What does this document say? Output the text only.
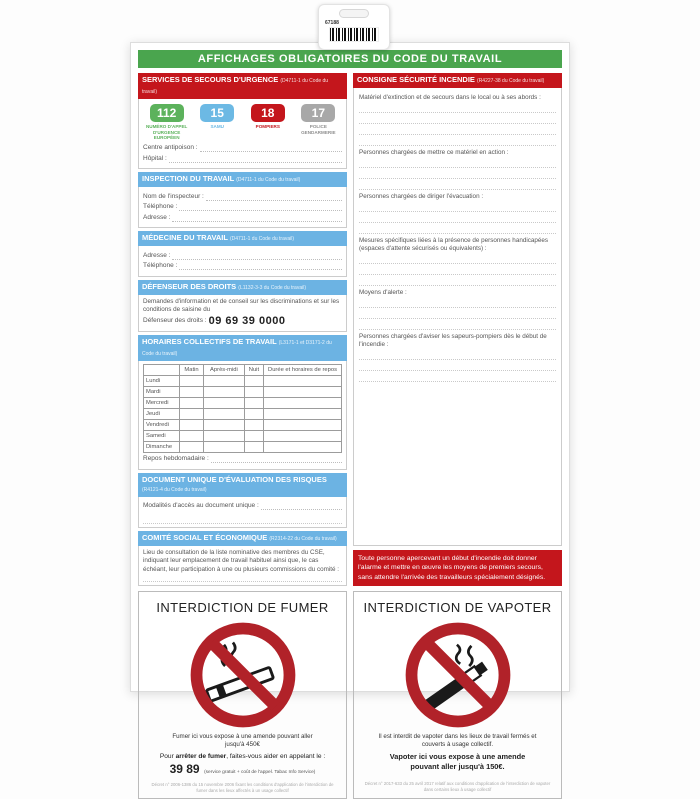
67188
AFFICHAGES OBLIGATOIRES DU CODE DU TRAVAIL
SERVICES DE SECOURS D'URGENCE (D4711-1 du Code du travail)
112
NUMÉRO D'APPEL D'URGENCE EUROPÉEN
15
SAMU
18
POMPIERS
17
POLICE GENDARMERIE
Centre antipoison :
Hôpital :
INSPECTION DU TRAVAIL (D4711-1 du Code du travail)
Nom de l'inspecteur :
Téléphone :
Adresse :
MÉDECINE DU TRAVAIL (D4711-1 du Code du travail)
Adresse :
Téléphone :
DÉFENSEUR DES DROITS (L1132-3-3 du Code du travail)
Demandes d'information et de conseil sur les discriminations et sur les conditions de saisine du
Défenseur des droits : 09 69 39 0000
HORAIRES COLLECTIFS DE TRAVAIL (L3171-1 et D3171-2 du Code du travail)
	Matin	Après-midi	Nuit	Durée et horaires de repos
Lundi				
Mardi				
Mercredi				
Jeudi				
Vendredi				
Samedi				
Dimanche				
Repos hebdomadaire :
DOCUMENT UNIQUE D'ÉVALUATION DES RISQUES (R4121-4 du Code du travail)
Modalités d'accès au document unique :
COMITÉ SOCIAL ET ÉCONOMIQUE (R2314-22 du Code du travail)
Lieu de consultation de la liste nominative des membres du CSE, indiquant leur emplacement de travail habituel ainsi que, le cas échéant, leur participation à une ou plusieurs commissions du comité :
CONSIGNE SÉCURITÉ INCENDIE (R4227-38 du Code du travail)
Matériel d'extinction et de secours dans le local ou à ses abords :
Personnes chargées de mettre ce matériel en action :
Personnes chargées de diriger l'évacuation :
Mesures spécifiques liées à la présence de personnes handicapées (espaces d'attente sécurisés ou équivalents) :
Moyens d'alerte :
Personnes chargées d'aviser les sapeurs-pompiers dès le début de l'incendie :
Toute personne apercevant un début d'incendie doit donner l'alarme et mettre en œuvre les moyens de premiers secours, sans attendre l'arrivée des travailleurs spécialement désignés.
INTERDICTION DE FUMER
Fumer ici vous expose à une amende pouvant aller jusqu'à 450€
Pour arrêter de fumer, faites-vous aider en appelant le :
39 89 (service gratuit + coût de l'appel. Tabac Info Service)
Décret n° 2006-1386 du 15 novembre 2006 fixant les conditions d'application de l'interdiction de fumer dans les lieux affectés à un usage collectif
INTERDICTION DE VAPOTER
Il est interdit de vapoter dans les lieux de travail fermés et couverts à usage collectif.
Vapoter ici vous expose à une amende pouvant aller jusqu'à 150€.
Décret n° 2017-633 du 25 avril 2017 relatif aux conditions d'application de l'interdiction de vapoter dans certains lieux à usage collectif
